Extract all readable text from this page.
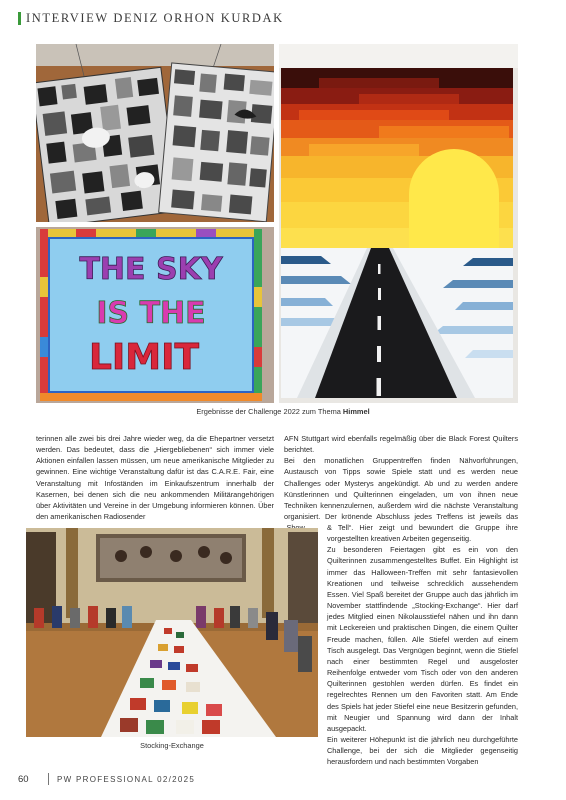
INTERVIEW DENIZ ORHON KURDAK
THE SKY
IS THE
LIMIT
Ergebnisse der Challenge 2022 zum Thema Himmel

terinnen alle zwei bis drei Jahre wieder weg, da die Ehepartner versetzt werden. Das bedeutet, dass die „Hiergebliebenen“ sich immer viele Aktionen einfallen lassen müssen, um neue amerikanische Mitglieder zu gewinnen. Eine wichtige Veranstaltung dafür ist das C.A.R.E. Fair, eine Veranstaltung mit Infoständen im Einkaufszentrum innerhalb der Kasernen, bei denen sich die neu ankommenden Militärangehörigen über Aktivitäten und Vereine in der Umgebung informieren können. Über den amerikanischen Radiosender

AFN Stuttgart wird ebenfalls regelmäßig über die Black Forest Quilters berichtet.

Bei den monatlichen Gruppentreffen finden Nähvorführungen, Austausch von Tipps sowie Spiele statt und es werden neue Challenges oder Mysterys angekündigt. Ab und zu werden andere Künstlerinnen und Quilterinnen eingeladen, um von ihnen neue Techniken kennenzulernen, außerdem wird die nächste Veranstaltung organisiert. Der krönende Abschluss jedes Treffens ist jeweils das

Stocking-Exchange

& Tell“. Hier zeigt und bewundert die Gruppe ihre vorgestellten kreativen Arbeiten gegenseitig.

Zu besonderen Feiertagen gibt es ein von den Quilterinnen zusammengestelltes Buffet. Ein Highlight ist immer das Halloween-Treffen mit sehr fantasievollen Kreationen und teilweise schrecklich aussehendem Essen. Viel Spaß bereitet der Gruppe auch das jährlich im November stattfindende „Stocking-Exchange“. Hier darf jedes Mitglied einen Nikolausstiefel nähen und ihn dann mit Leckereien und praktischen Dingen, die einem Quilter Freude machen, füllen. Alle Stiefel werden auf einem Tisch ausgelegt. Das Vergnügen beginnt, wenn die Stiefel nach einer bestimmten Regel und ausgeloster Reihenfolge entweder vom Tisch oder von den anderen Quilterinnen gestohlen werden dürfen. Es findet ein regelrechtes Rennen um den Favoriten statt. Am Ende des Spiels hat jeder Stiefel eine neue Besitzerin gefunden, mit Neugier und Spannung wird dann der Inhalt ausgepackt.

Ein weiterer Höhepunkt ist die jährlich neu durchgeführte Challenge, bei der sich die Mitglieder gegenseitig herausfordern und nach bestimmten Vorgaben

60	PW PROFESSIONAL 02/2025
